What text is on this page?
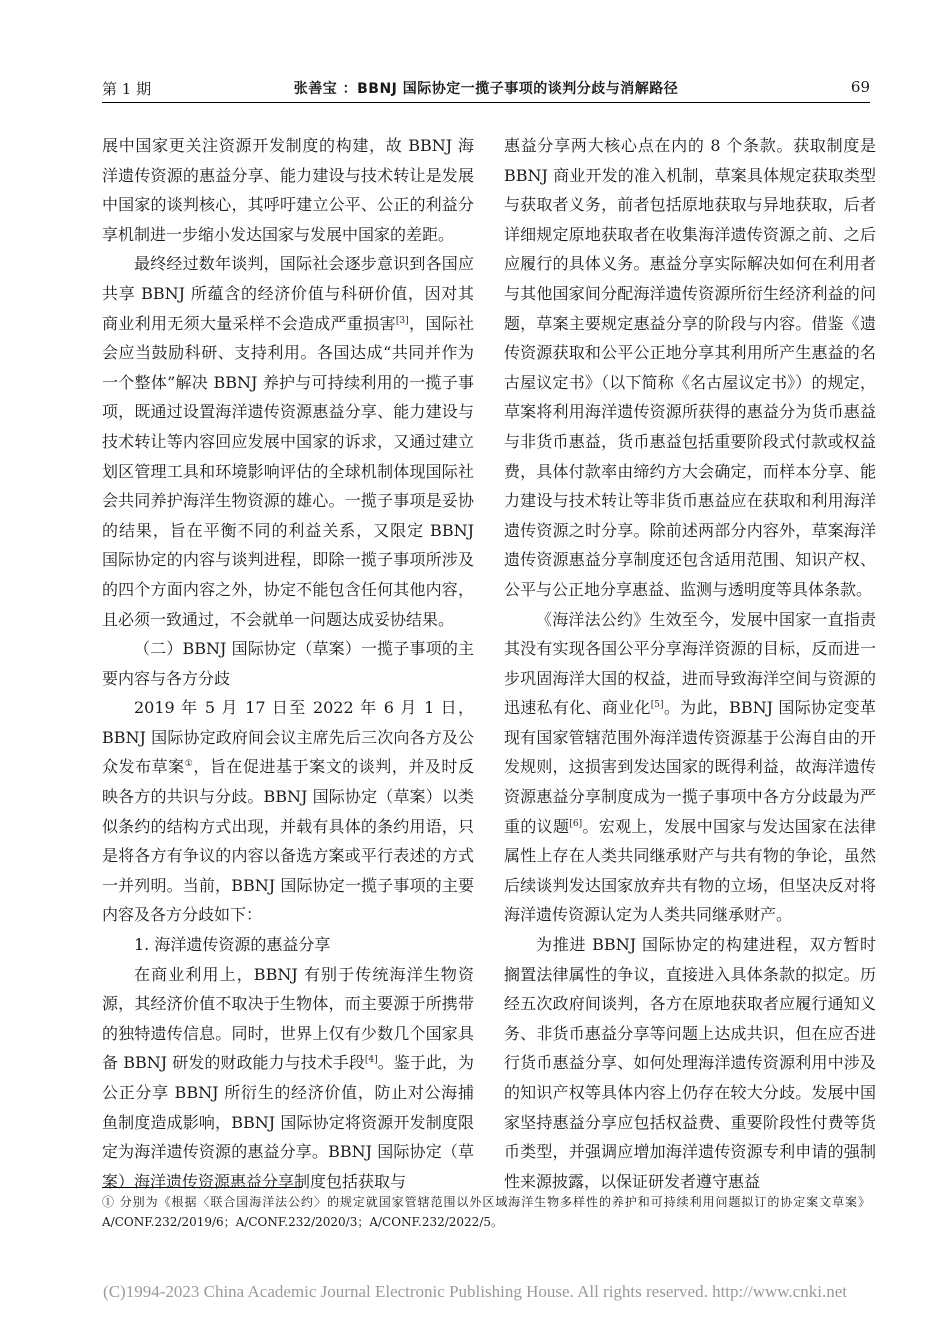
第 1 期	张善宝 ：BBNJ 国际协定一揽子事项的谈判分歧与消解路径	69

展中国家更关注资源开发制度的构建，故 BBNJ 海洋遗传资源的惠益分享、能力建设与技术转让是发展中国家的谈判核心，其呼吁建立公平、公正的利益分享机制进一步缩小发达国家与发展中国家的差距。

最终经过数年谈判，国际社会逐步意识到各国应共享 BBNJ 所蕴含的经济价值与科研价值，因对其商业利用无须大量采样不会造成严重损害[3]，国际社会应当鼓励科研、支持利用。各国达成“共同并作为一个整体”解决 BBNJ 养护与可持续利用的一揽子事项，既通过设置海洋遗传资源惠益分享、能力建设与技术转让等内容回应发展中国家的诉求，又通过建立划区管理工具和环境影响评估的全球机制体现国际社会共同养护海洋生物资源的雄心。一揽子事项是妥协的结果，旨在平衡不同的利益关系，又限定 BBNJ 国际协定的内容与谈判进程，即除一揽子事项所涉及的四个方面内容之外，协定不能包含任何其他内容，且必须一致通过，不会就单一问题达成妥协结果。

（二）BBNJ 国际协定（草案）一揽子事项的主要内容与各方分歧

2019 年 5 月 17 日至 2022 年 6 月 1 日，BBNJ 国际协定政府间会议主席先后三次向各方及公众发布草案①，旨在促进基于案文的谈判，并及时反映各方的共识与分歧。BBNJ 国际协定（草案）以类似条约的结构方式出现，并载有具体的条约用语，只是将各方有争议的内容以备选方案或平行表述的方式一并列明。当前，BBNJ 国际协定一揽子事项的主要内容及各方分歧如下：

1. 海洋遗传资源的惠益分享

在商业利用上，BBNJ 有别于传统海洋生物资源，其经济价值不取决于生物体，而主要源于所携带的独特遗传信息。同时，世界上仅有少数几个国家具备 BBNJ 研发的财政能力与技术手段[4]。鉴于此，为公正分享 BBNJ 所衍生的经济价值，防止对公海捕鱼制度造成影响，BBNJ 国际协定将资源开发制度限定为海洋遗传资源的惠益分享。BBNJ 国际协定（草案）海洋遗传资源惠益分享制度包括获取与

惠益分享两大核心点在内的 8 个条款。获取制度是 BBNJ 商业开发的准入机制，草案具体规定获取类型与获取者义务，前者包括原地获取与异地获取，后者详细规定原地获取者在收集海洋遗传资源之前、之后应履行的具体义务。惠益分享实际解决如何在利用者与其他国家间分配海洋遗传资源所衍生经济利益的问题，草案主要规定惠益分享的阶段与内容。借鉴《遗传资源获取和公平公正地分享其利用所产生惠益的名古屋议定书》（以下简称《名古屋议定书》）的规定，草案将利用海洋遗传资源所获得的惠益分为货币惠益与非货币惠益，货币惠益包括重要阶段式付款或权益费，具体付款率由缔约方大会确定，而样本分享、能力建设与技术转让等非货币惠益应在获取和利用海洋遗传资源之时分享。除前述两部分内容外，草案海洋遗传资源惠益分享制度还包含适用范围、知识产权、公平与公正地分享惠益、监测与透明度等具体条款。

《海洋法公约》生效至今，发展中国家一直指责其没有实现各国公平分享海洋资源的目标，反而进一步巩固海洋大国的权益，进而导致海洋空间与资源的迅速私有化、商业化[5]。为此，BBNJ 国际协定变革现有国家管辖范围外海洋遗传资源基于公海自由的开发规则，这损害到发达国家的既得利益，故海洋遗传资源惠益分享制度成为一揽子事项中各方分歧最为严重的议题[6]。宏观上，发展中国家与发达国家在法律属性上存在人类共同继承财产与共有物的争论，虽然后续谈判发达国家放弃共有物的立场，但坚决反对将海洋遗传资源认定为人类共同继承财产。

为推进 BBNJ 国际协定的构建进程，双方暂时搁置法律属性的争议，直接进入具体条款的拟定。历经五次政府间谈判，各方在原地获取者应履行通知义务、非货币惠益分享等问题上达成共识，但在应否进行货币惠益分享、如何处理海洋遗传资源利用中涉及的知识产权等具体内容上仍存在较大分歧。发展中国家坚持惠益分享应包括权益费、重要阶段性付费等货币类型，并强调应增加海洋遗传资源专利申请的强制性来源披露，以保证研发者遵守惠益

① 分别为《根据〈联合国海洋法公约〉的规定就国家管辖范围以外区域海洋生物多样性的养护和可持续利用问题拟订的协定案文草案》A/CONF.232/2019/6；A/CONF.232/2020/3；A/CONF.232/2022/5。
(C)1994-2023 China Academic Journal Electronic Publishing House. All rights reserved. http://www.cnki.net
